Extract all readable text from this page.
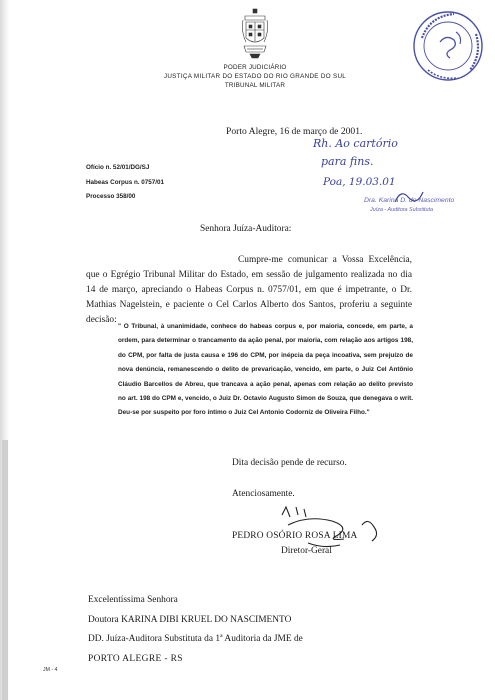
PODER JUDICIÁRIO
JUSTIÇA MILITAR DO ESTADO DO RIO GRANDE DO SUL
TRIBUNAL MILITAR
Porto Alegre, 16 de março de 2001.
Ofício n. 52/01/DG/SJ
Habeas Corpus n. 0757/01
Processo 358/00
Rh. Ao cartório
para fins.
Poa, 19.03.01
Dra. Karina D. do Nascimento
Juíza - Auditora Substituta
Senhora Juíza-Auditora:

Cumpre-me comunicar a Vossa Excelência, que o Egrégio Tribunal Militar do Estado, em sessão de julgamento realizada no dia 14 de março, apreciando o Habeas Corpus n. 0757/01, em que é impetrante, o Dr. Mathias Nagelstein, e paciente o Cel Carlos Alberto dos Santos, proferiu a seguinte decisão:

" O Tribunal, à unanimidade, conhece do habeas corpus e, por maioria, concede, em parte, a ordem, para determinar o trancamento da ação penal, por maioria, com relação aos artigos 198, do CPM, por falta de justa causa e 196 do CPM, por inépcia da peça incoativa, sem prejuízo de nova denúncia, remanescendo o delito de prevaricação, vencido, em parte, o Juiz Cel Antônio Cláudio Barcellos de Abreu, que trancava a ação penal, apenas com relação ao delito previsto no art. 198 do CPM e, vencido, o Juiz Dr. Octavio Augusto Simon de Souza, que denegava o writ. Deu-se por suspeito por foro íntimo o Juiz Cel Antonio Codorniz de Oliveira Filho."
Dita decisão pende de recurso.
Atenciosamente.
PEDRO OSÓRIO ROSA LIMA
Diretor-Geral
Excelentíssima Senhora
Doutora KARINA DIBI KRUEL DO NASCIMENTO
DD. Juíza-Auditora Substituta da 1ª Auditoria da JME de
PORTO ALEGRE - RS
JM - 4
